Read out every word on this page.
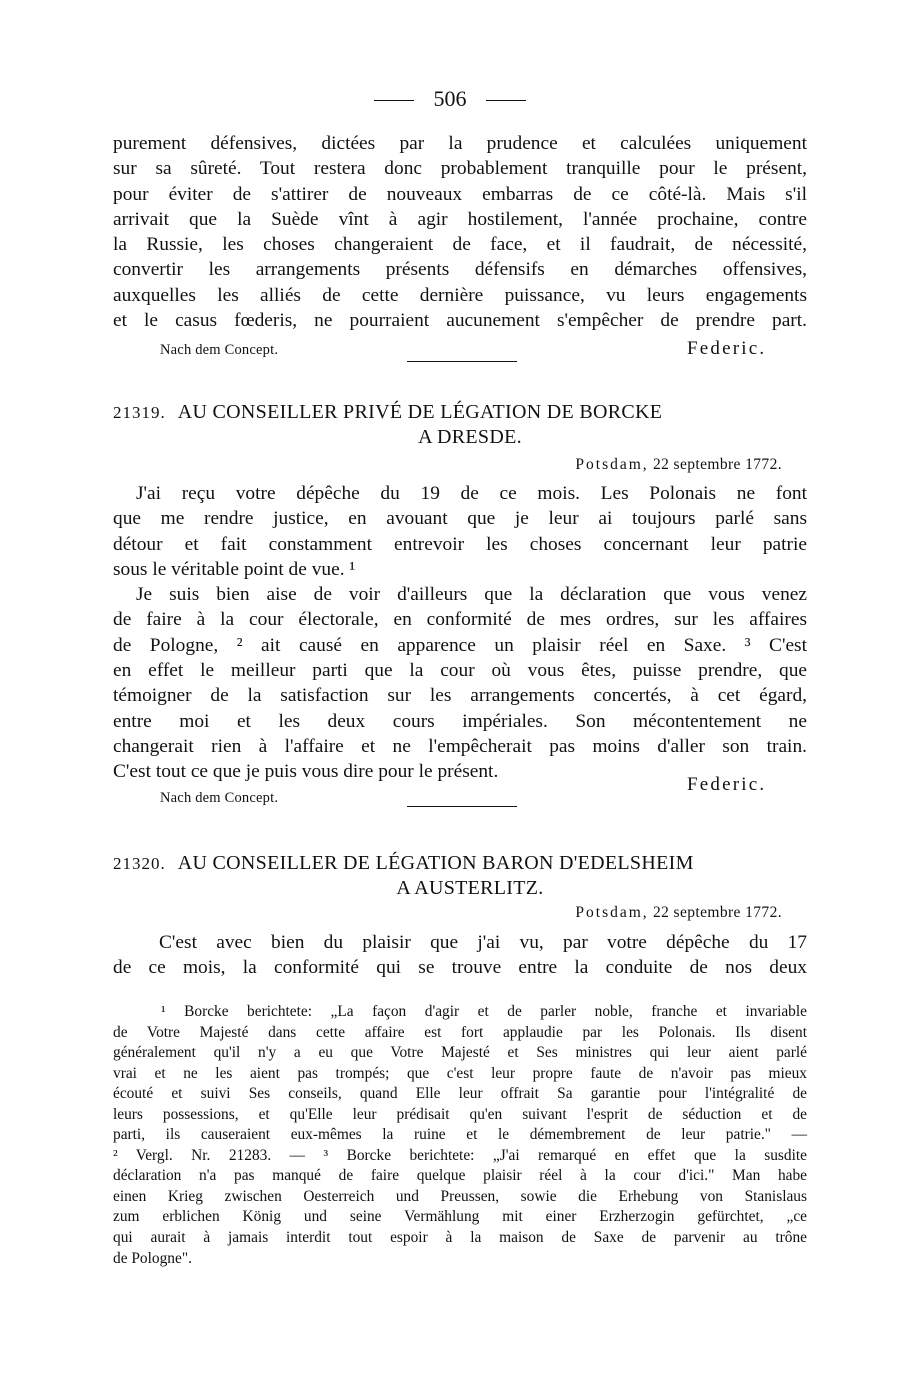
506
purement défensives, dictées par la prudence et calculées uniquement
sur sa sûreté. Tout restera donc probablement tranquille pour le présent,
pour éviter de s'attirer de nouveaux embarras de ce côté-là. Mais s'il
arrivait que la Suède vînt à agir hostilement, l'année prochaine, contre
la Russie, les choses changeraient de face, et il faudrait, de nécessité,
convertir les arrangements présents défensifs en démarches offensives,
auxquelles les alliés de cette dernière puissance, vu leurs engagements
et le casus fœderis, ne pourraient aucunement s'empêcher de prendre part.
Nach dem Concept.	Federic.
21319. AU CONSEILLER PRIVÉ DE LÉGATION DE BORCKE
A DRESDE.
Potsdam, 22 septembre 1772.
J'ai reçu votre dépêche du 19 de ce mois. Les Polonais ne font
que me rendre justice, en avouant que je leur ai toujours parlé sans
détour et fait constamment entrevoir les choses concernant leur patrie
sous le véritable point de vue. ¹
Je suis bien aise de voir d'ailleurs que la déclaration que vous venez
de faire à la cour électorale, en conformité de mes ordres, sur les affaires
de Pologne, ² ait causé en apparence un plaisir réel en Saxe. ³ C'est
en effet le meilleur parti que la cour où vous êtes, puisse prendre, que
témoigner de la satisfaction sur les arrangements concertés, à cet égard,
entre moi et les deux cours impériales. Son mécontentement ne
changerait rien à l'affaire et ne l'empêcherait pas moins d'aller son train.
C'est tout ce que je puis vous dire pour le présent.
Federic.
Nach dem Concept.
21320. AU CONSEILLER DE LÉGATION BARON D'EDELSHEIM
A AUSTERLITZ.
Potsdam, 22 septembre 1772.
C'est avec bien du plaisir que j'ai vu, par votre dépêche du 17
de ce mois, la conformité qui se trouve entre la conduite de nos deux
¹ Borcke berichtete: „La façon d'agir et de parler noble, franche et invariable
de Votre Majesté dans cette affaire est fort applaudie par les Polonais. Ils disent
généralement qu'il n'y a eu que Votre Majesté et Ses ministres qui leur aient parlé
vrai et ne les aient pas trompés; que c'est leur propre faute de n'avoir pas mieux
écouté et suivi Ses conseils, quand Elle leur offrait Sa garantie pour l'intégralité de
leurs possessions, et qu'Elle leur prédisait qu'en suivant l'esprit de séduction et de
parti, ils causeraient eux-mêmes la ruine et le démembrement de leur patrie." —
² Vergl. Nr. 21283. — ³ Borcke berichtete: „J'ai remarqué en effet que la susdite
déclaration n'a pas manqué de faire quelque plaisir réel à la cour d'ici." Man habe
einen Krieg zwischen Oesterreich und Preussen, sowie die Erhebung von Stanislaus
zum erblichen König und seine Vermählung mit einer Erzherzogin gefürchtet, „ce
qui aurait à jamais interdit tout espoir à la maison de Saxe de parvenir au trône
de Pologne".
